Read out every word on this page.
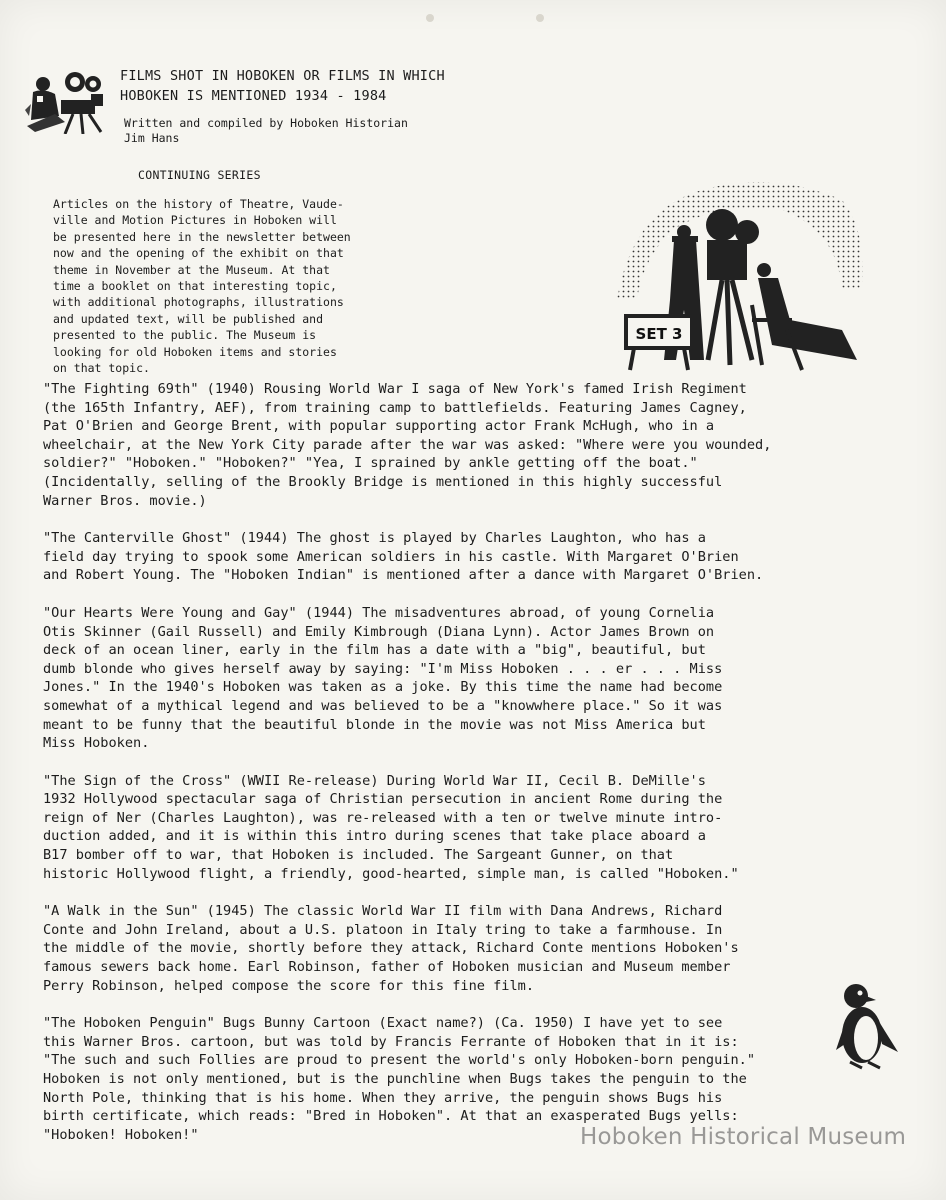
FILMS SHOT IN HOBOKEN OR FILMS IN WHICH
HOBOKEN IS MENTIONED 1934 - 1984
Written and compiled by Hoboken Historian
Jim Hans
CONTINUING SERIES

Articles on the history of Theatre, Vaude-
ville and Motion Pictures in Hoboken will
be presented here in the newsletter between
now and the opening of the exhibit on that
theme in November at the Museum. At that
time a booklet on that interesting topic,
with additional photographs, illustrations
and updated text, will be published and
presented to the public. The Museum is
looking for old Hoboken items and stories
on that topic.

SET 3

"The Fighting 69th" (1940) Rousing World War I saga of New York's famed Irish Regiment
(the 165th Infantry, AEF), from training camp to battlefields. Featuring James Cagney,
Pat O'Brien and George Brent, with popular supporting actor Frank McHugh, who in a
wheelchair, at the New York City parade after the war was asked: "Where were you wounded,
soldier?" "Hoboken." "Hoboken?" "Yea, I sprained by ankle getting off the boat."
(Incidentally, selling of the Brookly Bridge is mentioned in this highly successful
Warner Bros. movie.)

"The Canterville Ghost" (1944) The ghost is played by Charles Laughton, who has a
field day trying to spook some American soldiers in his castle. With Margaret O'Brien
and Robert Young. The "Hoboken Indian" is mentioned after a dance with Margaret O'Brien.

"Our Hearts Were Young and Gay" (1944) The misadventures abroad, of young Cornelia
Otis Skinner (Gail Russell) and Emily Kimbrough (Diana Lynn). Actor James Brown on
deck of an ocean liner, early in the film has a date with a "big", beautiful, but
dumb blonde who gives herself away by saying: "I'm Miss Hoboken . . . er . . . Miss
Jones." In the 1940's Hoboken was taken as a joke. By this time the name had become
somewhat of a mythical legend and was believed to be a "knowwhere place." So it was
meant to be funny that the beautiful blonde in the movie was not Miss America but
Miss Hoboken.

"The Sign of the Cross" (WWII Re-release) During World War II, Cecil B. DeMille's
1932 Hollywood spectacular saga of Christian persecution in ancient Rome during the
reign of Ner (Charles Laughton), was re-released with a ten or twelve minute intro-
duction added, and it is within this intro during scenes that take place aboard a
B17 bomber off to war, that Hoboken is included. The Sargeant Gunner, on that
historic Hollywood flight, a friendly, good-hearted, simple man, is called "Hoboken."

"A Walk in the Sun" (1945) The classic World War II film with Dana Andrews, Richard
Conte and John Ireland, about a U.S. platoon in Italy tring to take a farmhouse. In
the middle of the movie, shortly before they attack, Richard Conte mentions Hoboken's
famous sewers back home. Earl Robinson, father of Hoboken musician and Museum member
Perry Robinson, helped compose the score for this fine film.

"The Hoboken Penguin" Bugs Bunny Cartoon (Exact name?) (Ca. 1950) I have yet to see
this Warner Bros. cartoon, but was told by Francis Ferrante of Hoboken that in it is:
"The such and such Follies are proud to present the world's only Hoboken-born penguin."
Hoboken is not only mentioned, but is the punchline when Bugs takes the penguin to the
North Pole, thinking that is his home. When they arrive, the penguin shows Bugs his
birth certificate, which reads: "Bred in Hoboken". At that an exasperated Bugs yells:
"Hoboken! Hoboken!"	Hoboken Historical Museum
